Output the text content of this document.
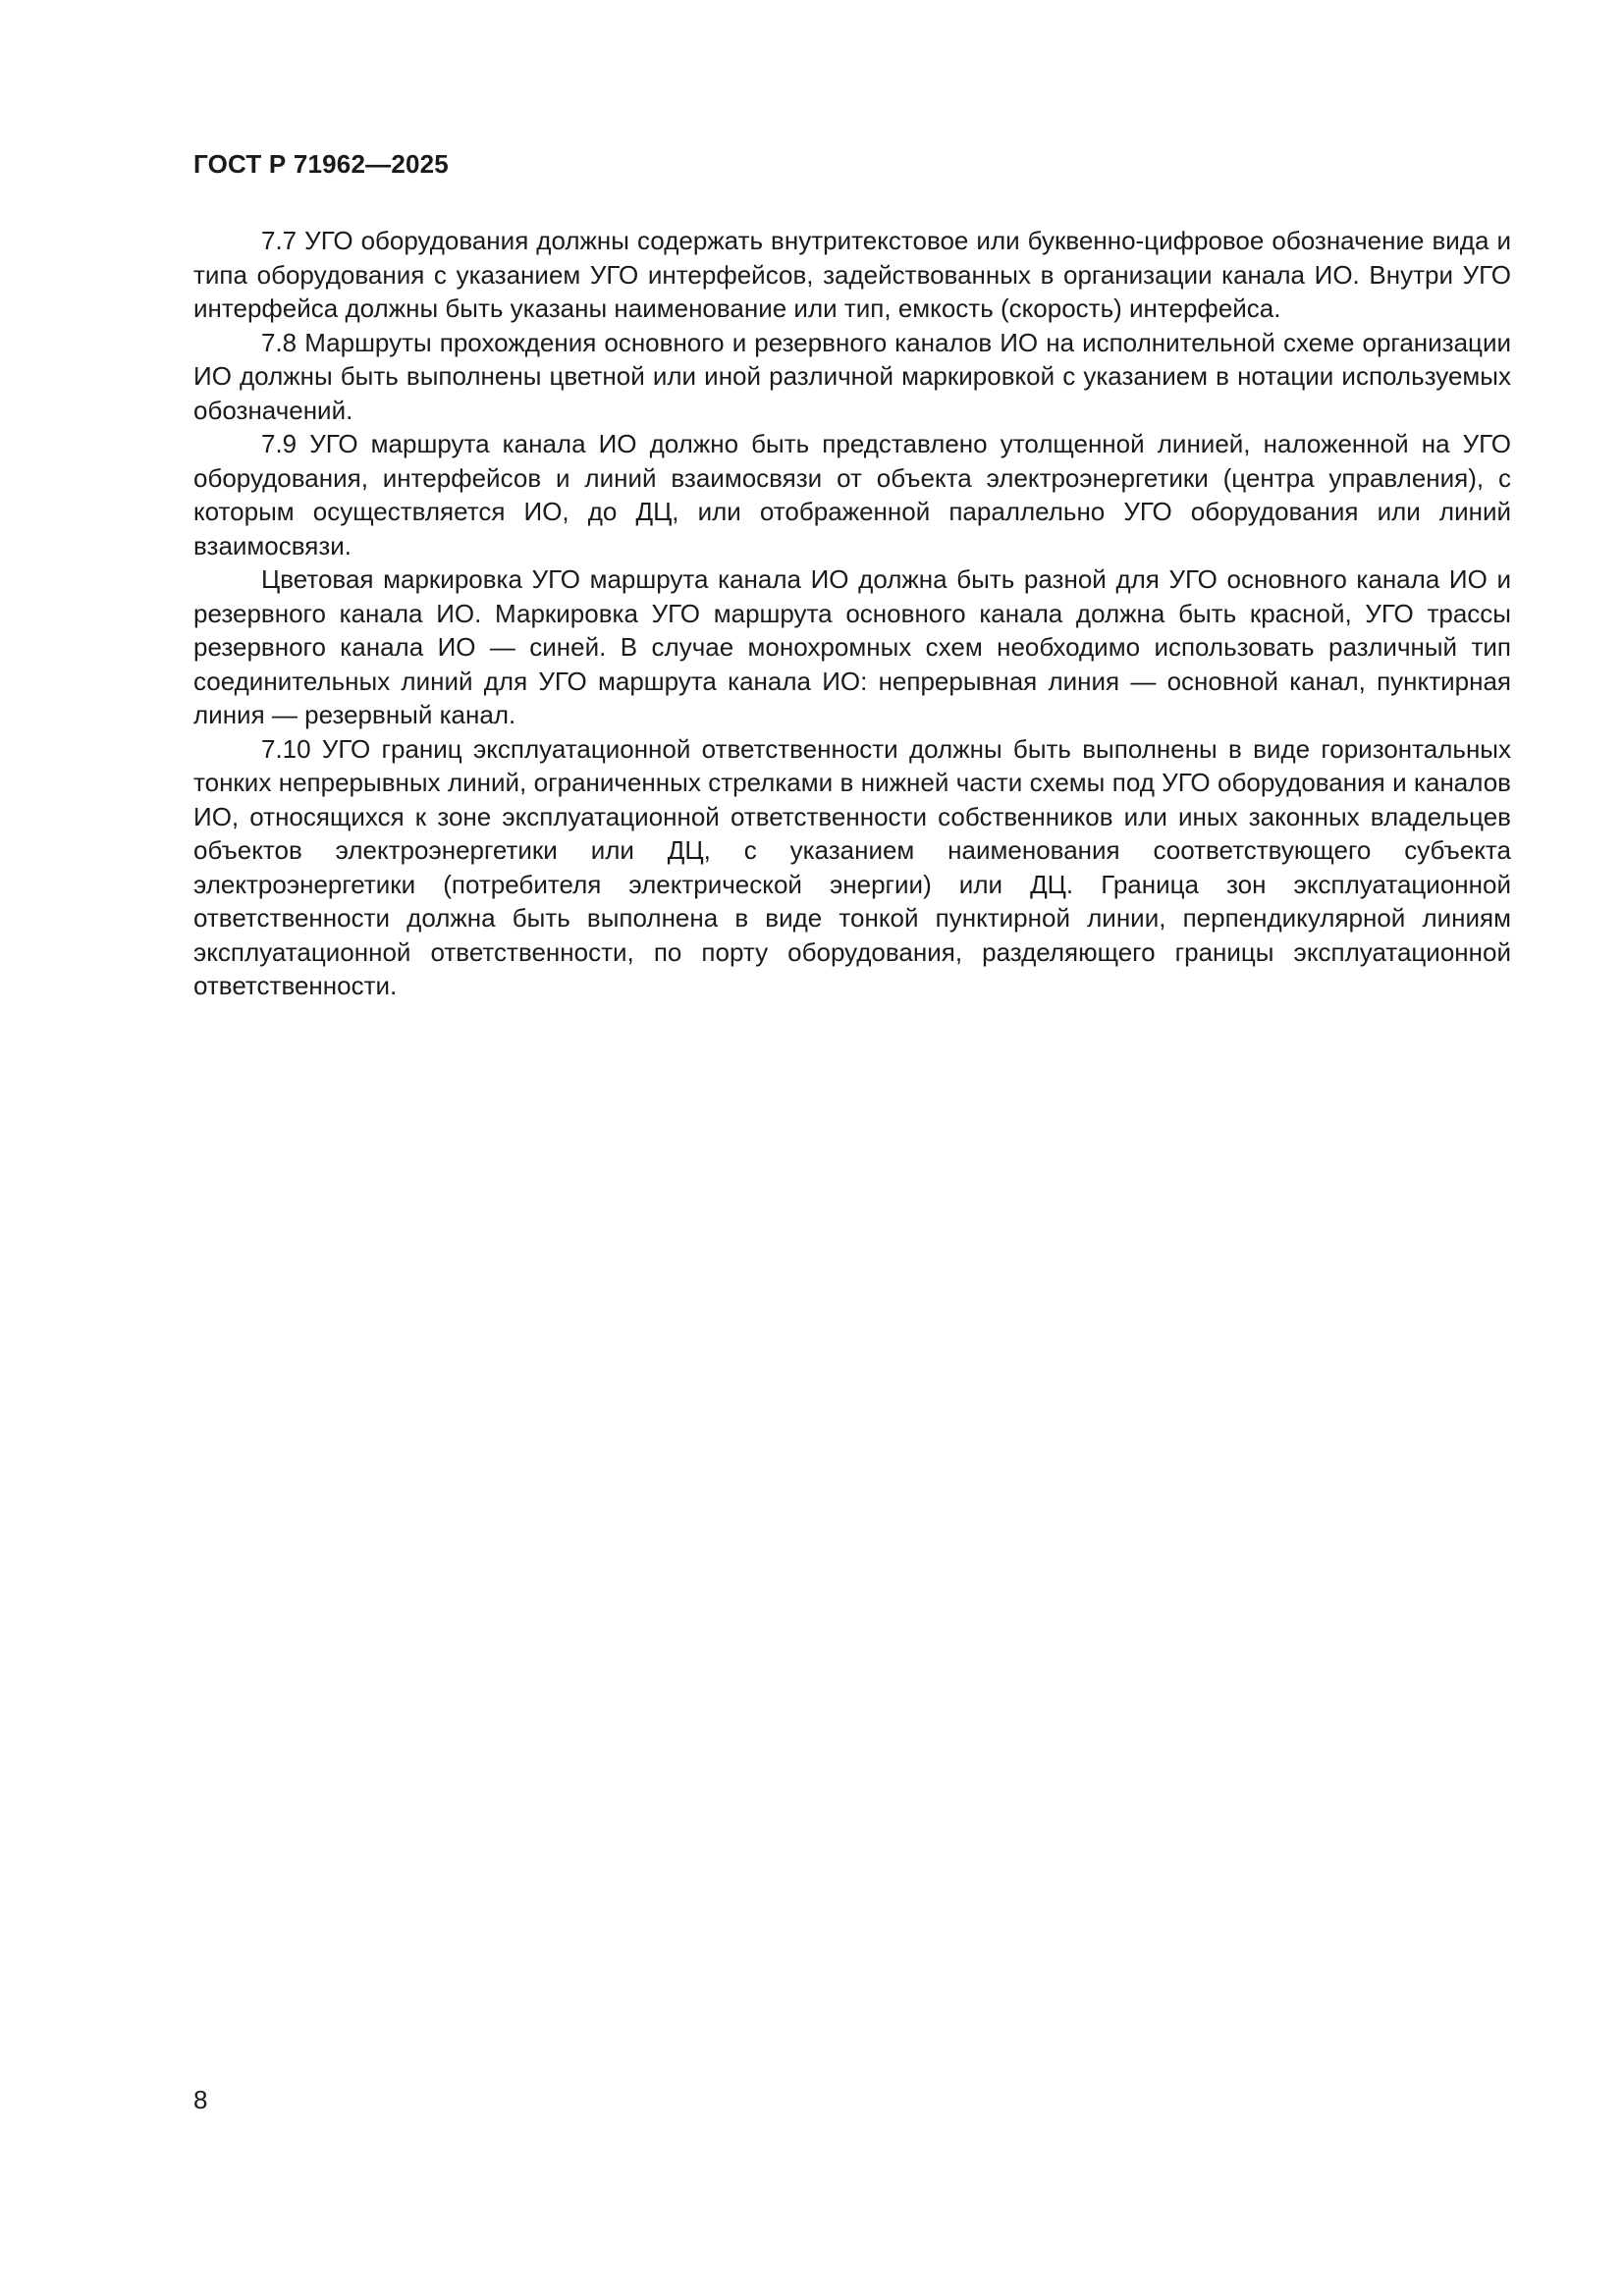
ГОСТ Р 71962—2025

7.7 УГО оборудования должны содержать внутритекстовое или буквенно-цифровое обозначение вида и типа оборудования с указанием УГО интерфейсов, задействованных в организации канала ИО. Внутри УГО интерфейса должны быть указаны наименование или тип, емкость (скорость) интерфейса.

7.8 Маршруты прохождения основного и резервного каналов ИО на исполнительной схеме организации ИО должны быть выполнены цветной или иной различной маркировкой с указанием в нотации используемых обозначений.

7.9 УГО маршрута канала ИО должно быть представлено утолщенной линией, наложенной на УГО оборудования, интерфейсов и линий взаимосвязи от объекта электроэнергетики (центра управления), с которым осуществляется ИО, до ДЦ, или отображенной параллельно УГО оборудования или линий взаимосвязи.

Цветовая маркировка УГО маршрута канала ИО должна быть разной для УГО основного канала ИО и резервного канала ИО. Маркировка УГО маршрута основного канала должна быть красной, УГО трассы резервного канала ИО — синей. В случае монохромных схем необходимо использовать различный тип соединительных линий для УГО маршрута канала ИО: непрерывная линия — основной канал, пунктирная линия — резервный канал.

7.10 УГО границ эксплуатационной ответственности должны быть выполнены в виде горизонтальных тонких непрерывных линий, ограниченных стрелками в нижней части схемы под УГО оборудования и каналов ИО, относящихся к зоне эксплуатационной ответственности собственников или иных законных владельцев объектов электроэнергетики или ДЦ, с указанием наименования соответствующего субъекта электроэнергетики (потребителя электрической энергии) или ДЦ. Граница зон эксплуатационной ответственности должна быть выполнена в виде тонкой пунктирной линии, перпендикулярной линиям эксплуатационной ответственности, по порту оборудования, разделяющего границы эксплуатационной ответственности.

8
